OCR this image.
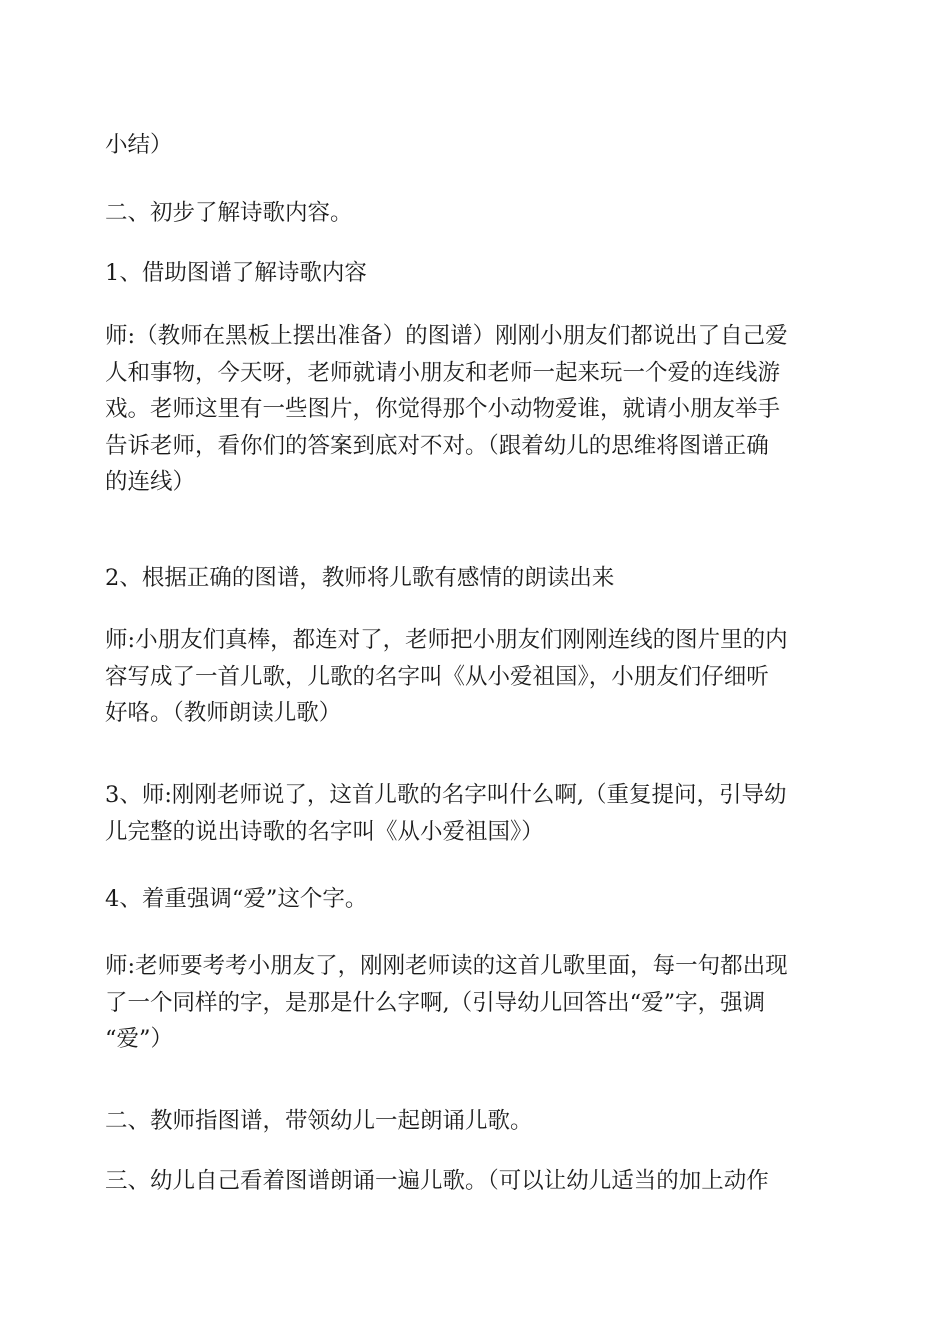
小结）

二、初步了解诗歌内容。

1、借助图谱了解诗歌内容

师:（教师在黑板上摆出准备）的图谱）刚刚小朋友们都说出了自己爱
人和事物，今天呀，老师就请小朋友和老师一起来玩一个爱的连线游
戏。老师这里有一些图片，你觉得那个小动物爱谁，就请小朋友举手
告诉老师，看你们的答案到底对不对。（跟着幼儿的思维将图谱正确
的连线）

2、根据正确的图谱，教师将儿歌有感情的朗读出来

师:小朋友们真棒，都连对了，老师把小朋友们刚刚连线的图片里的内
容写成了一首儿歌，儿歌的名字叫《从小爱祖国》，小朋友们仔细听
好咯。（教师朗读儿歌）

3、师:刚刚老师说了，这首儿歌的名字叫什么啊,（重复提问，引导幼
儿完整的说出诗歌的名字叫《从小爱祖国》）

4、着重强调“爱”这个字。

师:老师要考考小朋友了，刚刚老师读的这首儿歌里面，每一句都出现
了一个同样的字，是那是什么字啊,（引导幼儿回答出“爱”字，强调
“爱”）

二、教师指图谱，带领幼儿一起朗诵儿歌。

三、幼儿自己看着图谱朗诵一遍儿歌。（可以让幼儿适当的加上动作
